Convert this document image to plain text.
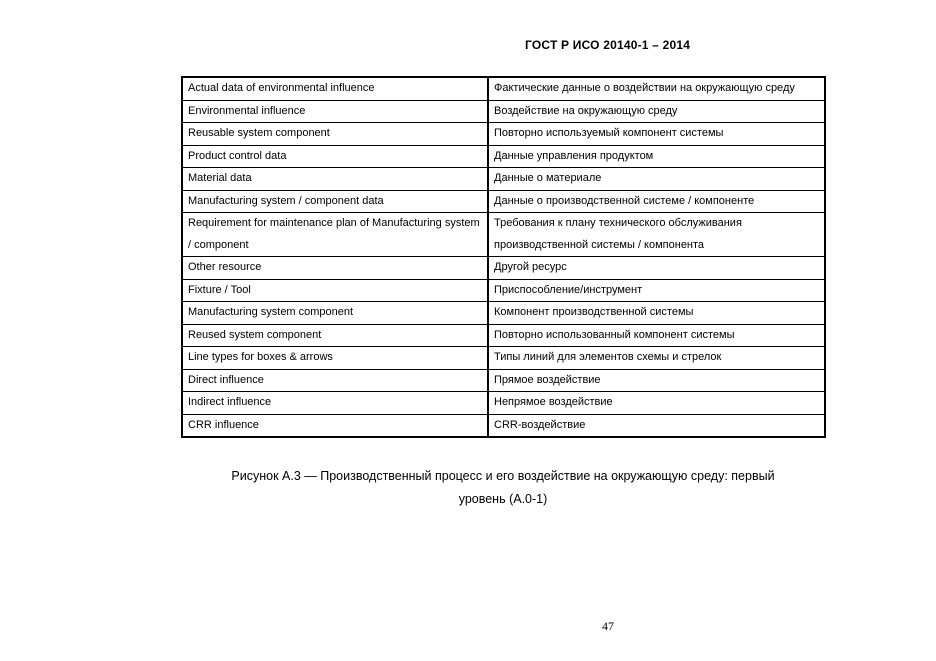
ГОСТ Р ИСО 20140-1 – 2014
Actual data of environmental influence	Фактические данные о воздействии на окружающую среду
Environmental influence	Воздействие на окружающую среду
Reusable system component	Повторно используемый компонент системы
Product control data	Данные управления продуктом
Material data	Данные о материале
Manufacturing system / component data	Данные о производственной системе / компоненте
Requirement for maintenance plan of Manufacturing system / component	Требования к плану технического обслуживания производственной системы / компонента
Other resource	Другой ресурс
Fixture / Tool	Приспособление/инструмент
Manufacturing system component	Компонент производственной системы
Reused system component	Повторно использованный компонент системы
Line types for boxes & arrows	Типы линий для элементов схемы и стрелок
Direct influence	Прямое воздействие
Indirect influence	Непрямое воздействие
CRR influence	CRR-воздействие
Рисунок А.3 — Производственный процесс и его воздействие на окружающую среду: первый
уровень (А.0-1)
47
